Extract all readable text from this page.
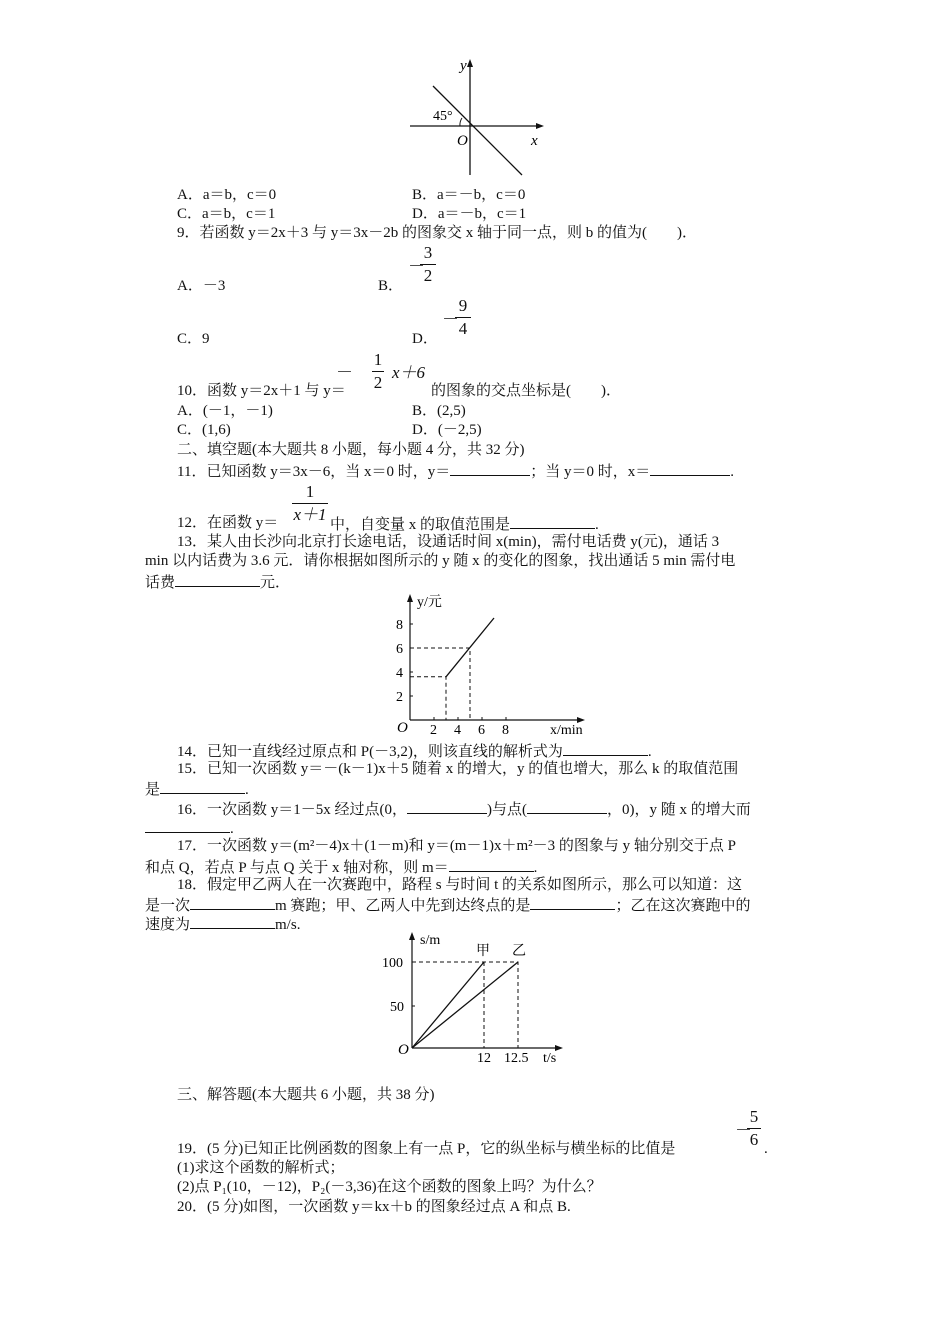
y
x
O
45°
A．a＝b，c＝0	B．a＝－b，c＝0
C．a＝b，c＝1	D．a＝－b，c＝1
9．若函数 y＝2x＋3 与 y＝3x－2b 的图象交 x 轴于同一点，则 b 的值为(　　)．
A．－3	B．
－
3
2
C．9	D．
－
9
4
10．函数 y＝2x＋1 与 y＝
－
1
2
x＋6
的图象的交点坐标是(　　)．
A．(－1，－1)	B．(2,5)
C．(1,6)	D．(－2,5)
二、填空题(本大题共 8 小题，每小题 4 分，共 32 分)
11．已知函数 y＝3x－6，当 x＝0 时，y＝	；当 y＝0 时，x＝	.
1
x＋1
12．在函数 y＝	中，自变量 x 的取值范围是	.
13．某人由长沙向北京打长途电话，设通话时间 x(min)，需付电话费 y(元)，通话 3
min 以内话费为 3.6 元．请你根据如图所示的 y 随 x 的变化的图象，找出通话 5 min 需付电
话费	元．
y/元
x/min
O
2
4
6
8
2 4 6 8
14．已知一直线经过原点和 P(－3,2)，则该直线的解析式为	.
15．已知一次函数 y＝－(k－1)x＋5 随着 x 的增大，y 的值也增大，那么 k 的取值范围
是	.
16．一次函数 y＝1－5x 经过点(0，	)与点(	，0)，y 随 x 的增大而
.
17．一次函数 y＝(m²－4)x＋(1－m)和 y＝(m－1)x＋m²－3 的图象与 y 轴分别交于点 P
和点 Q，若点 P 与点 Q 关于 x 轴对称，则 m＝	.
18．假定甲乙两人在一次赛跑中，路程 s 与时间 t 的关系如图所示，那么可以知道：这
是一次	m 赛跑；甲、乙两人中先到达终点的是	；乙在这次赛跑中的
速度为	m/s.
s/m
t/s
O
50
100
12 12.5
甲 乙
三、解答题(本大题共 6 小题，共 38 分)
19．(5 分)已知正比例函数的图象上有一点 P，它的纵坐标与横坐标的比值是
－
5
6 .
(1)求这个函数的解析式；
(2)点 P₁(10，－12)，P₂(－3,36)在这个函数的图象上吗？为什么？
20．(5 分)如图，一次函数 y＝kx＋b 的图象经过点 A 和点 B.
